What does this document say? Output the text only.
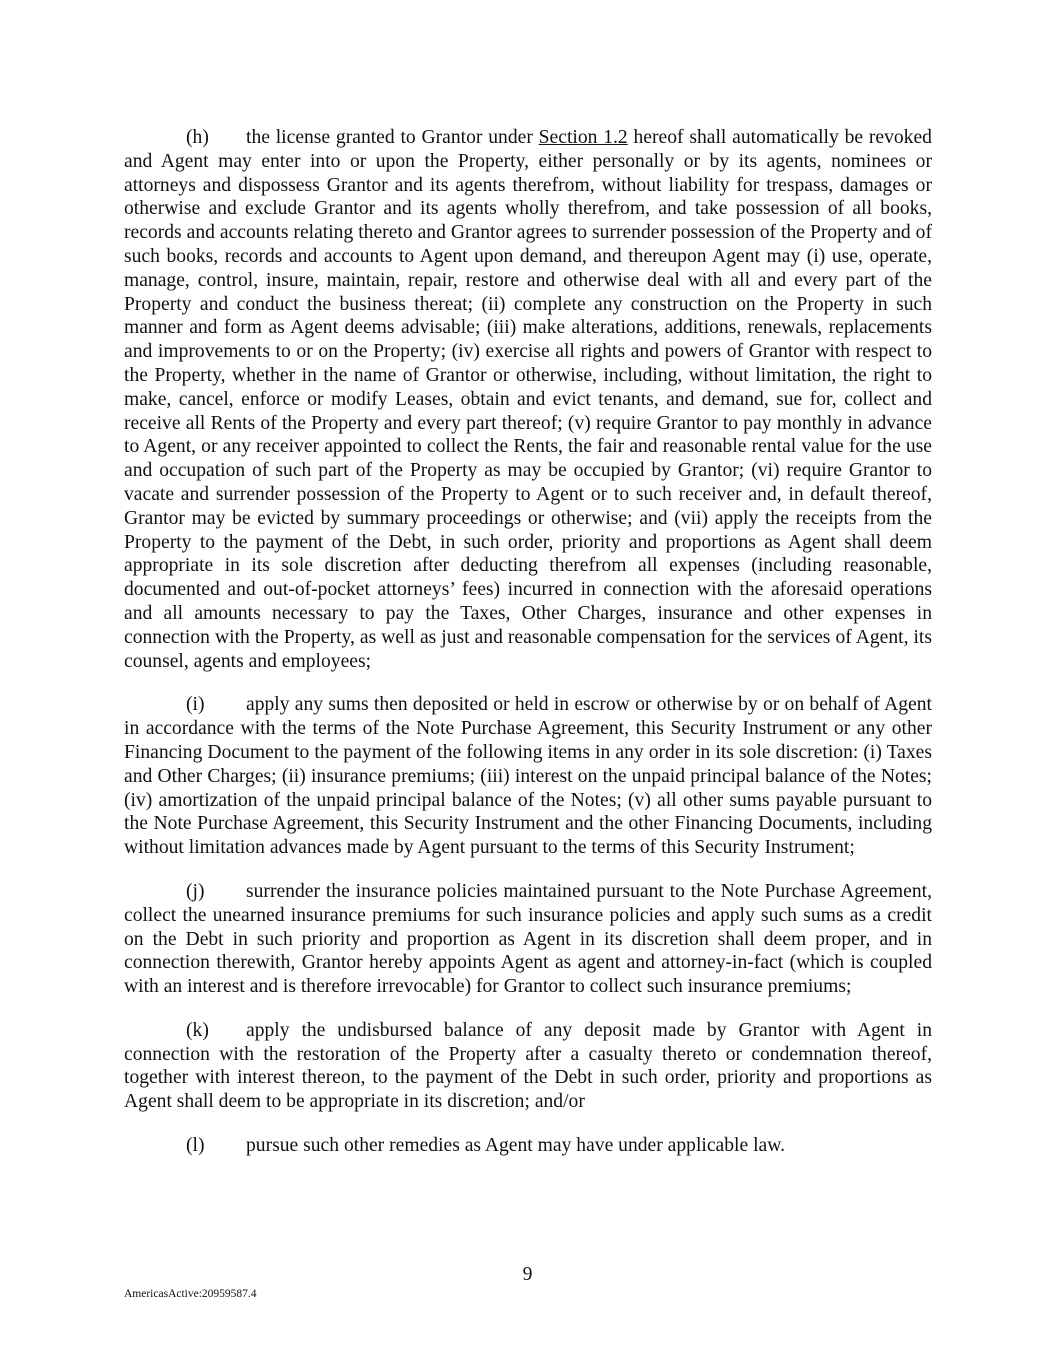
(h) the license granted to Grantor under Section 1.2 hereof shall automatically be revoked and Agent may enter into or upon the Property, either personally or by its agents, nominees or attorneys and dispossess Grantor and its agents therefrom, without liability for trespass, damages or otherwise and exclude Grantor and its agents wholly therefrom, and take possession of all books, records and accounts relating thereto and Grantor agrees to surrender possession of the Property and of such books, records and accounts to Agent upon demand, and thereupon Agent may (i) use, operate, manage, control, insure, maintain, repair, restore and otherwise deal with all and every part of the Property and conduct the business thereat; (ii) complete any construction on the Property in such manner and form as Agent deems advisable; (iii) make alterations, additions, renewals, replacements and improvements to or on the Property; (iv) exercise all rights and powers of Grantor with respect to the Property, whether in the name of Grantor or otherwise, including, without limitation, the right to make, cancel, enforce or modify Leases, obtain and evict tenants, and demand, sue for, collect and receive all Rents of the Property and every part thereof; (v) require Grantor to pay monthly in advance to Agent, or any receiver appointed to collect the Rents, the fair and reasonable rental value for the use and occupation of such part of the Property as may be occupied by Grantor; (vi) require Grantor to vacate and surrender possession of the Property to Agent or to such receiver and, in default thereof, Grantor may be evicted by summary proceedings or otherwise; and (vii) apply the receipts from the Property to the payment of the Debt, in such order, priority and proportions as Agent shall deem appropriate in its sole discretion after deducting therefrom all expenses (including reasonable, documented and out-of-pocket attorneys’ fees) incurred in connection with the aforesaid operations and all amounts necessary to pay the Taxes, Other Charges, insurance and other expenses in connection with the Property, as well as just and reasonable compensation for the services of Agent, its counsel, agents and employees;

(i) apply any sums then deposited or held in escrow or otherwise by or on behalf of Agent in accordance with the terms of the Note Purchase Agreement, this Security Instrument or any other Financing Document to the payment of the following items in any order in its sole discretion: (i) Taxes and Other Charges; (ii) insurance premiums; (iii) interest on the unpaid principal balance of the Notes; (iv) amortization of the unpaid principal balance of the Notes; (v) all other sums payable pursuant to the Note Purchase Agreement, this Security Instrument and the other Financing Documents, including without limitation advances made by Agent pursuant to the terms of this Security Instrument;

(j) surrender the insurance policies maintained pursuant to the Note Purchase Agreement, collect the unearned insurance premiums for such insurance policies and apply such sums as a credit on the Debt in such priority and proportion as Agent in its discretion shall deem proper, and in connection therewith, Grantor hereby appoints Agent as agent and attorney-in-fact (which is coupled with an interest and is therefore irrevocable) for Grantor to collect such insurance premiums;

(k) apply the undisbursed balance of any deposit made by Grantor with Agent in connection with the restoration of the Property after a casualty thereto or condemnation thereof, together with interest thereon, to the payment of the Debt in such order, priority and proportions as Agent shall deem to be appropriate in its discretion; and/or

(l) pursue such other remedies as Agent may have under applicable law.

9
AmericasActive:20959587.4
